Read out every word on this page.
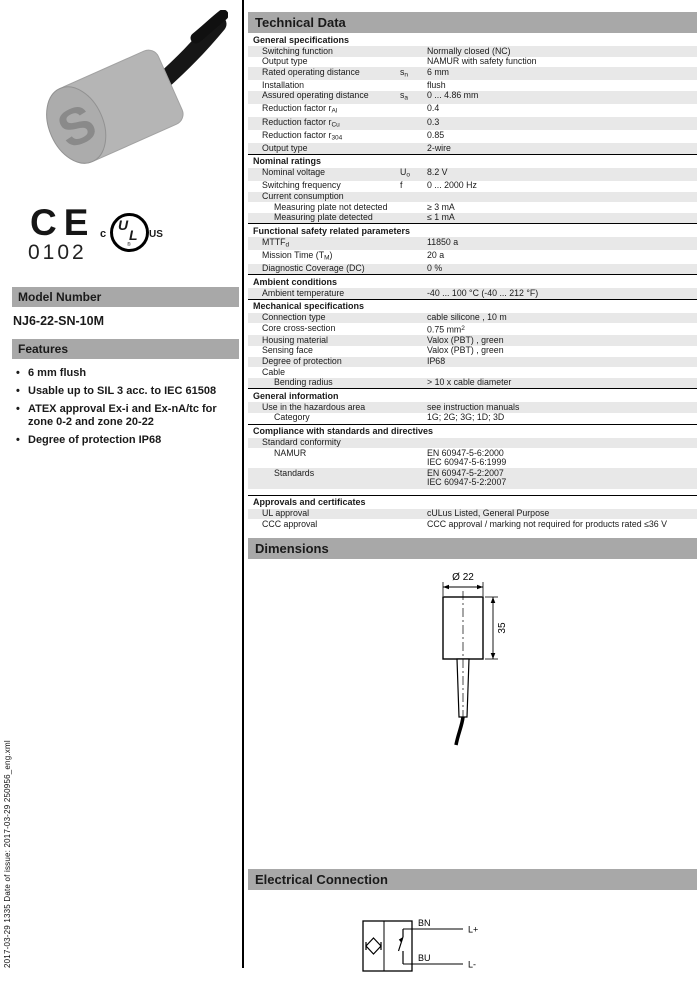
S
CE
0102
c
U
L
®
US
Model Number
NJ6-22-SN-10M
Features
• 6 mm flush
• Usable up to SIL 3 acc. to IEC 61508
• ATEX approval Ex-i and Ex-nA/tc for zone 0-2 and zone 20-22
• Degree of protection IP68
2017-03-29 1335 Date of issue: 2017-03-29 250956_eng.xml
Technical Data
General specifications
Switching function	Normally closed (NC)
Output type	NAMUR with safety function
Rated operating distance	$s_n$	6 mm
Installation	flush
Assured operating distance	$s_a$	0 ... 4.86 mm
Reduction factor $r_{Al}$	0.4
Reduction factor $r_{Cu}$	0.3
Reduction factor $r_{304}$	0.85
Output type	2-wire
Nominal ratings
Nominal voltage	$U_o$	8.2 V
Switching frequency	f	0 ... 2000 Hz
Current consumption
Measuring plate not detected	≥ 3 mA
Measuring plate detected	≤ 1 mA
Functional safety related parameters
$MTTF_d$	11850 a
Mission Time $(T_M)$	20 a
Diagnostic Coverage (DC)	0 %
Ambient conditions
Ambient temperature	-40 ... 100 °C (-40 ... 212 °F)
Mechanical specifications
Connection type	cable silicone , 10 m
Core cross-section	0.75 $mm^2$
Housing material	Valox (PBT) , green
Sensing face	Valox (PBT) , green
Degree of protection	IP68
Cable
Bending radius	> 10 x cable diameter
General information
Use in the hazardous area	see instruction manuals
Category	1G; 2G; 3G; 1D; 3D
Compliance with standards and directives
Standard conformity
NAMUR	EN 60947-5-6:2000
IEC 60947-5-6:1999
Standards	EN 60947-5-2:2007
IEC 60947-5-2:2007
Approvals and certificates
UL approval	cULus Listed, General Purpose
CCC approval	CCC approval / marking not required for products rated ≤36 V
Dimensions
Ø 22
35
Electrical Connection
BN
BU
L+
L-
